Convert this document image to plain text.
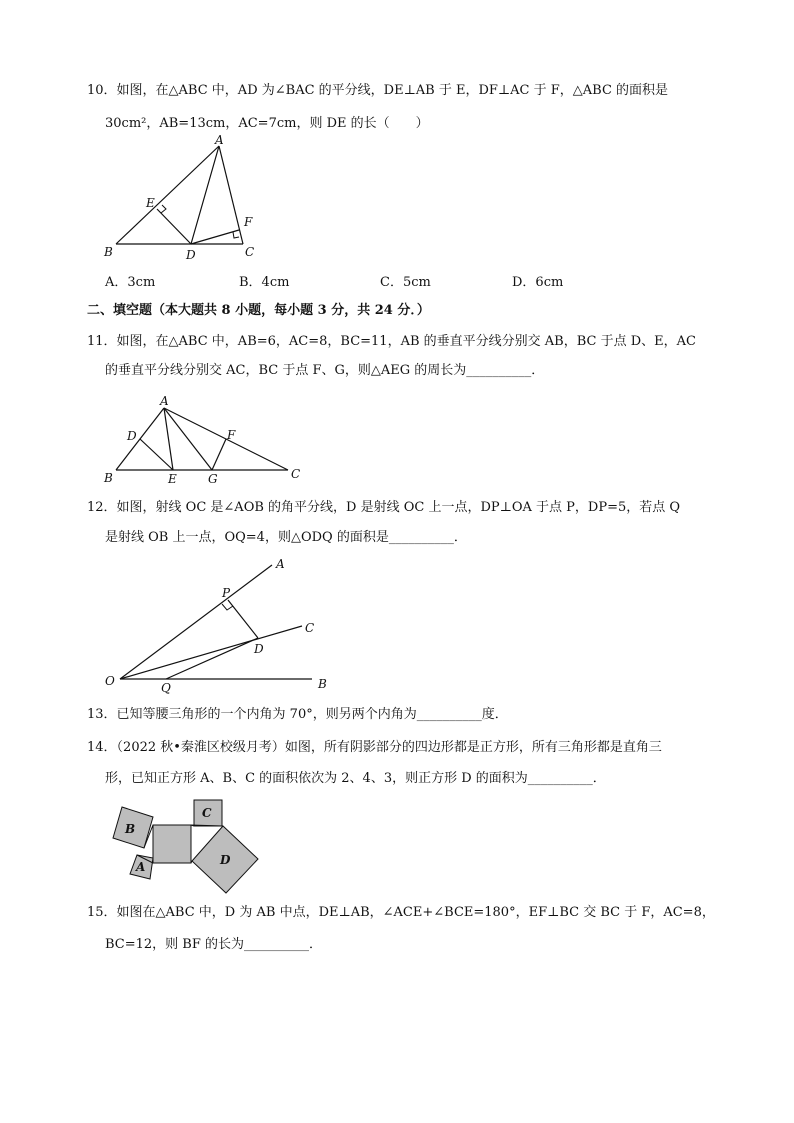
10．如图，在△ABC 中，AD 为∠BAC 的平分线，DE⊥AB 于 E，DF⊥AC 于 F，△ABC 的面积是
30cm²，AB=13cm，AC=7cm，则 DE 的长（　　）
A
B	C
D
E
F
A．3cm	B．4cm	C．5cm	D．6cm
二、填空题（本大题共 8 小题，每小题 3 分，共 24 分．）
11．如图，在△ABC 中，AB=6，AC=8，BC=11，AB 的垂直平分线分别交 AB，BC 于点 D、E，AC
的垂直平分线分别交 AC，BC 于点 F、G，则△AEG 的周长为__________．
A
B	C
D
E
F
G
12．如图，射线 OC 是∠AOB 的角平分线，D 是射线 OC 上一点，DP⊥OA 于点 P，DP=5，若点 Q
是射线 OB 上一点，OQ=4，则△ODQ 的面积是__________．
O
A
B
C
D
P
Q
13．已知等腰三角形的一个内角为 70°，则另两个内角为__________度．
14．（2022 秋•秦淮区校级月考）如图，所有阴影部分的四边形都是正方形，所有三角形都是直角三
形，已知正方形 A、B、C 的面积依次为 2、4、3，则正方形 D 的面积为__________．
B
A
C
D
15．如图在△ABC 中，D 为 AB 中点，DE⊥AB，∠ACE+∠BCE=180°，EF⊥BC 交 BC 于 F，AC=8，
BC=12，则 BF 的长为__________．
